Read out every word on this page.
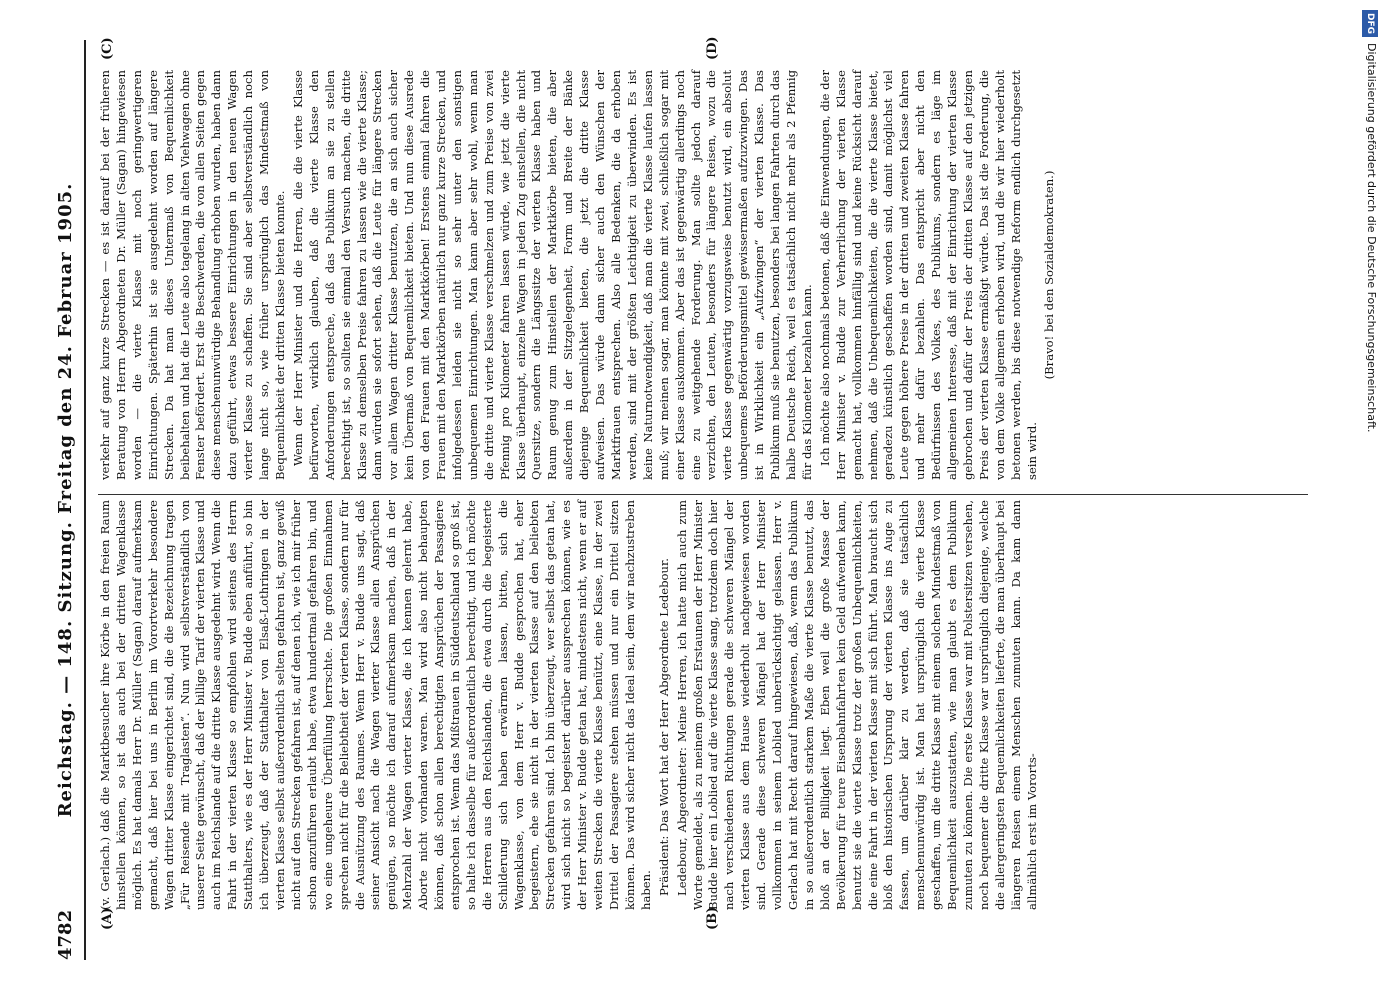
4782
Reichstag. — 148. Sitzung. Freitag den 24. Februar 1905.
(A)	(B)
(C)	(D)

(v. Gerlach.) daß die Marktbesucher ihre Körbe in den freien Raum hinstellen können, so ist das auch bei der dritten Wagenklasse möglich. Es hat damals Herr Dr. Müller (Sagan) darauf aufmerksam gemacht, daß hier bei uns in Berlin im Vorortverkehr besondere Wagen dritter Klasse eingerichtet sind, die die Bezeichnung tragen „Für Reisende mit Traglasten“. Nun wird selbstverständlich von unserer Seite gewünscht, daß der billige Tarif der vierten Klasse und auch im Reichslande auf die dritte Klasse ausgedehnt wird. Wenn die Fahrt in der vierten Klasse so empfohlen wird seitens des Herrn Statthalters, wie es der Herr Minister v. Budde eben anführt, so bin ich überzeugt, daß der Statthalter von Elsaß-Lothringen in der vierten Klasse selbst außerordentlich selten gefahren ist, ganz gewiß nicht auf den Strecken gefahren ist, auf denen ich, wie ich mir früher schon anzuführen erlaubt habe, etwa hundertmal gefahren bin, und wo eine ungeheure Überfüllung herrschte. Die großen Einnahmen sprechen nicht für die Beliebtheit der vierten Klasse, sondern nur für die Ausnützung des Raumes. Wenn Herr v. Budde uns sagt, daß seiner Ansicht nach die Wagen vierter Klasse allen Ansprüchen genügen, so möchte ich darauf aufmerksam machen, daß in der Mehrzahl der Wagen vierter Klasse, die ich kennen gelernt habe, Aborte nicht vorhanden waren. Man wird also nicht behaupten können, daß schon allen berechtigten Ansprüchen der Passagiere entsprochen ist. Wenn das Mißtrauen in Süddeutschland so groß ist, so halte ich dasselbe für außerordentlich berechtigt, und ich möchte die Herren aus den Reichslanden, die etwa durch die begeisterte Schilderung sich haben erwärmen lassen, bitten, sich die Wagenklasse, von dem Herr v. Budde gesprochen hat, eher begeistern, ehe sie nicht in der vierten Klasse auf den beliebten Strecken gefahren sind. Ich bin überzeugt, wer selbst das getan hat, wird sich nicht so begeistert darüber aussprechen können, wie es der Herr Minister v. Budde getan hat, mindestens nicht, wenn er auf weiten Strecken die vierte Klasse benützt, eine Klasse, in der zwei Drittel der Passagiere stehen müssen und nur ein Drittel sitzen können. Das wird sicher nicht das Ideal sein, dem wir nachzustreben haben. Präsident: Das Wort hat der Herr Abgeordnete Ledebour. Ledebour, Abgeordneter: Meine Herren, ich hatte mich auch zum Worte gemeldet, als zu meinem großen Erstaunen der Herr Minister Budde hier ein Loblied auf die vierte Klasse sang, trotzdem doch hier nach verschiedenen Richtungen gerade die schweren Mängel der vierten Klasse aus dem Hause wiederholt nachgewiesen worden sind. Gerade diese schweren Mängel hat der Herr Minister vollkommen in seinem Loblied unberücksichtigt gelassen. Herr v. Gerlach hat mit Recht darauf hingewiesen, daß, wenn das Publikum in so außerordentlich starkem Maße die vierte Klasse benutzt, das bloß an der Billigkeit liegt. Eben weil die große Masse der Bevölkerung für teure Eisenbahnfahrten kein Geld aufwenden kann, benutzt sie die vierte Klasse trotz der großen Unbequemlichkeiten, die eine Fahrt in der vierten Klasse mit sich führt. Man braucht sich bloß den historischen Ursprung der vierten Klasse ins Auge zu fassen, um darüber klar zu werden, daß sie tatsächlich menschenunwürdig ist. Man hat ursprünglich die vierte Klasse geschaffen, um die dritte Klasse mit einem solchen Mindestmaß von Bequemlichkeit auszustatten, wie man glaubt es dem Publikum zumuten zu können. Die erste Klasse war mit Polstersitzen versehen, noch bequemer die dritte Klasse war ursprünglich diejenige, welche die allergeringsten Bequemlichkeiten lieferte, die man überhaupt bei längeren Reisen einem Menschen zumuten kann. Da kam dann allmählich erst im Vororts-

verkehr auf ganz kurze Strecken — es ist darauf bei der früheren Beratung von Herrn Abgeordneten Dr. Müller (Sagan) hingewiesen worden — die vierte Klasse mit noch geringwertigeren Einrichtungen. Späterhin ist sie ausgedehnt worden auf längere Strecken. Da hat man dieses Untermaß von Bequemlichkeit beibehalten und hat die Leute also tagelang in alten Viehwagen ohne Fenster befördert. Erst die Beschwerden, die von allen Seiten gegen diese menschenunwürdige Behandlung erhoben wurden, haben dann dazu geführt, etwas bessere Einrichtungen in den neuen Wagen vierter Klasse zu schaffen. Sie sind aber selbstverständlich noch lange nicht so, wie früher ursprünglich das Mindestmaß von Bequemlichkeit der dritten Klasse bieten konnte. Wenn der Herr Minister und die Herren, die die vierte Klasse befürworten, wirklich glauben, daß die vierte Klasse den Anforderungen entspreche, daß das Publikum an sie zu stellen berechtigt ist, so sollten sie einmal den Versuch machen, die dritte Klasse zu demselben Preise fahren zu lassen wie die vierte Klasse; dann würden sie sofort sehen, daß die Leute für längere Strecken vor allem Wagen dritter Klasse benutzen, die an sich auch sicher kein Übermaß von Bequemlichkeit bieten. Und nun diese Ausrede von den Frauen mit den Marktkörben! Erstens einmal fahren die Frauen mit den Marktkörben natürlich nur ganz kurze Strecken, und infolgedessen leiden sie nicht so sehr unter den sonstigen unbequemen Einrichtungen. Man kann aber sehr wohl, wenn man die dritte und vierte Klasse verschmelzen und zum Preise von zwei Pfennig pro Kilometer fahren lassen würde, wie jetzt die vierte Klasse überhaupt, einzelne Wagen in jeden Zug einstellen, die nicht Quersitze, sondern die Längssitze der vierten Klasse haben und Raum genug zum Hinstellen der Marktkörbe bieten, die aber außerdem in der Sitzgelegenheit, Form und Breite der Bänke diejenige Bequemlichkeit bieten, die jetzt die dritte Klasse aufweisen. Das würde dann sicher auch den Wünschen der Marktfrauen entsprechen. Also alle Bedenken, die da erhoben werden, sind mit der größten Leichtigkeit zu überwinden. Es ist keine Naturnotwendigkeit, daß man die vierte Klasse laufen lassen muß; wir meinen sogar, man könnte mit zwei, schließlich sogar mit einer Klasse auskommen. Aber das ist gegenwärtig allerdings noch eine zu weitgehende Forderung. Man sollte jedoch darauf verzichten, den Leuten, besonders für längere Reisen, wozu die vierte Klasse gegenwärtig vorzugsweise benutzt wird, ein absolut unbequemes Beförderungsmittel gewissermaßen aufzuzwingen. Das ist in Wirklichkeit ein „Aufzwingen“ der vierten Klasse. Das Publikum muß sie benutzen, besonders bei langen Fahrten durch das halbe Deutsche Reich, weil es tatsächlich nicht mehr als 2 Pfennig für das Kilometer bezahlen kann. Ich möchte also nochmals betonen, daß die Einwendungen, die der Herr Minister v. Budde zur Verherrlichung der vierten Klasse gemacht hat, vollkommen hinfällig sind und keine Rücksicht darauf nehmen, daß die Unbequemlichkeiten, die die vierte Klasse bietet, geradezu künstlich geschaffen worden sind, damit möglichst viel Leute gegen höhere Preise in der dritten und zweiten Klasse fahren und mehr dafür bezahlen. Das entspricht aber nicht den Bedürfnissen des Volkes, des Publikums, sondern es läge im allgemeinen Interesse, daß mit der Einrichtung der vierten Klasse gebrochen und dafür der Preis der dritten Klasse auf den jetzigen Preis der vierten Klasse ermäßigt würde. Das ist die Forderung, die von dem Volke allgemein erhoben wird, und die wir hier wiederholt betonen werden, bis diese notwendige Reform endlich durchgesetzt sein wird.

(Bravo! bei den Sozialdemokraten.)

DFGDigitalisierung gefördert durch die Deutsche Forschungsgemeinschaft.
